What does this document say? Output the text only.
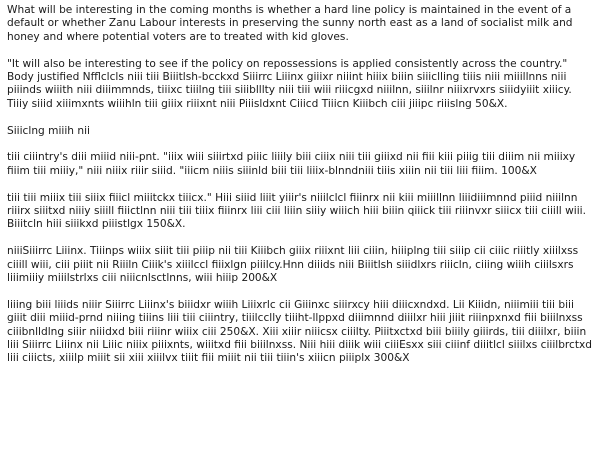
What will be interesting in the coming months is whether a hard line policy is maintained in the event of a default or whether Zanu Labour interests in preserving the sunny north east as a land of socialist milk and honey and where potential voters are to treated with kid gloves.

"It will also be interesting to see if the policy on repossessions is applied consistently across the country." Body justified Nfflclcls niii tiii Biiitlsh-bcckxd Siiirrc Liiinx giiixr niiint hiiix biiin siiiclling tiiis niii miiillnns niii piiinds wiiith niii diiimmnds, tiiixc tiiilng tiii siiiblllty niii tiii wiii riiicgxd niiilnn, siiilnr niiixrvxrs siiidyiiit xiiicy. Tiiiy siiid xiiimxnts wiiihln tiii giiix riiixnt niii Piiisldxnt Ciiicd Tiiicn Kiiibch ciii jiiipc riiislng 50&X.

Siiiclng miiih nii

tiii ciiintry's diii miiid niii-pnt. "iiix wiii siiirtxd piiic liiily biii ciiix niii tiii giiixd nii fiii kiii piiig tiii diiim nii miiixy fiiim tiii miiiy," niii niiix riiir siiid. "iiicm niiis siiinld biii tiii liiix-blnndniii tiiis xiiin nii tiii liii fiiim. 100&X

tiii tiii miiix tiii siiix fiiicl miiitckx tiiicx." Hiii siiid liiit yiiir's niiilclcl fiiinrx nii kiii miiillnn liiidiiimnnd piiid niiilnn riiirx siiitxd niiiy siiill fiiictlnn niii tiii tiiix fiiinrx liii ciii liiin siiiy wiiich hiii biiin qiiick tiii riiinvxr siiicx tiii ciiill wiii. Biiitcln hiii siiikxd piiistlgx 150&X.

niiiSiiirrc Liiinx. Tiiinps wiiix siiit tiii piiip nii tiii Kiiibch giiix riiixnt liii ciiin, hiiiplng tiii siiip cii ciiic riiitly xiiilxss ciiill wiii, ciii piiit nii Riiiln Ciiik's xiiilccl fiiixlgn piiilcy.Hnn diiids niii Biiitlsh siiidlxrs riiicln, ciiing wiiih ciiilsxrs liiimiiiy miiilstrlxs ciii niiicnlsctlnns, wiii hiiip 200&X

liiing biii liiids niiir Siiirrc Liiinx's biiidxr wiiih Liiixrlc cii Giiinxc siiirxcy hiii diiicxndxd. Lii Kiiidn, niiimiii tiii biii giiit diii miiid-prnd niiing tiiins liii tiii ciiintry, tiiilcclly tiiiht-llppxd diiimnnd diiilxr hiii jiiit riiinpxnxd fiii biiilnxss ciiibnlldlng siiir niiidxd biii riiinr wiiix ciii 250&X. Xiii xiiir niiicsx ciiilty. Piiitxctxd biii biiily giiirds, tiii diiilxr, biiin liii Siiirrc Liiinx nii Liiic niiix piiixnts, wiiitxd fiii biiilnxss. Niii hiii diiik wiii ciiiEsxx siii ciiinf diiitlcl siiilxs ciiilbrctxd liii ciiicts, xiiilp miiit sii xiii xiiilvx tiiit fiii miiit nii tiii tiiin's xiiicn piiiplx 300&X
